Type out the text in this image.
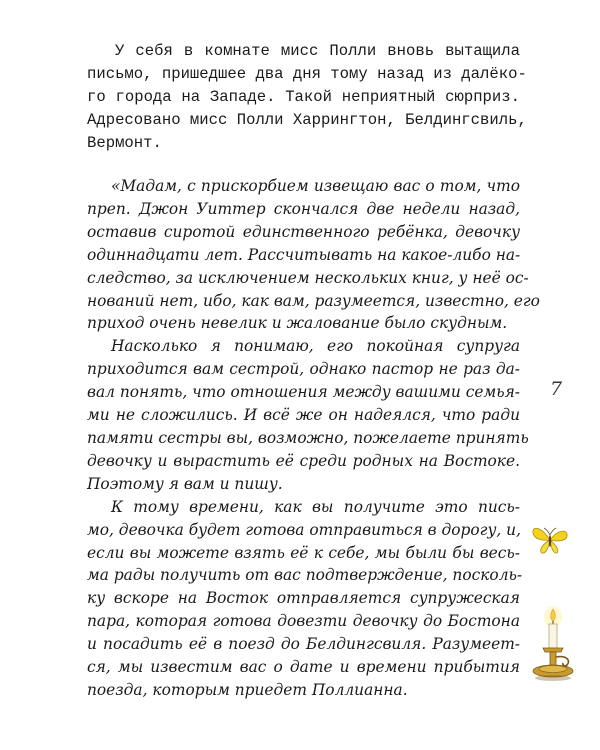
У себя в комнате мисс Полли вновь вытащила
письмо, пришедшее два дня тому назад из далёко-
го города на Западе. Такой неприятный сюрприз.
Адресовано мисс Полли Харрингтон, Белдингсвиль,
Вермонт.
«Мадам, с прискорбием извещаю вас о том, что
преп. Джон Уиттер скончался две недели назад,
оставив сиротой единственного ребёнка, девочку
одиннадцати лет. Рассчитывать на какое-либо на-
следство, за исключением нескольких книг, у неё ос-
нований нет, ибо, как вам, разумеется, известно, его
приход очень невелик и жалование было скудным.
Насколько я понимаю, его покойная супруга
приходится вам сестрой, однако пастор не раз да-
вал понять, что отношения между вашими семья-
ми не сложились. И всё же он надеялся, что ради
памяти сестры вы, возможно, пожелаете принять
девочку и вырастить её среди родных на Востоке.
Поэтому я вам и пишу.
К тому времени, как вы получите это пись-
мо, девочка будет готова отправиться в дорогу, и,
если вы можете взять её к себе, мы были бы весь-
ма рады получить от вас подтверждение, посколь-
ку вскоре на Восток отправляется супружеская
пара, которая готова довезти девочку до Бостона
и посадить её в поезд до Белдингсвиля. Разумеет-
ся, мы известим вас о дате и времени прибытия
поезда, которым приедет Поллианна.
7
